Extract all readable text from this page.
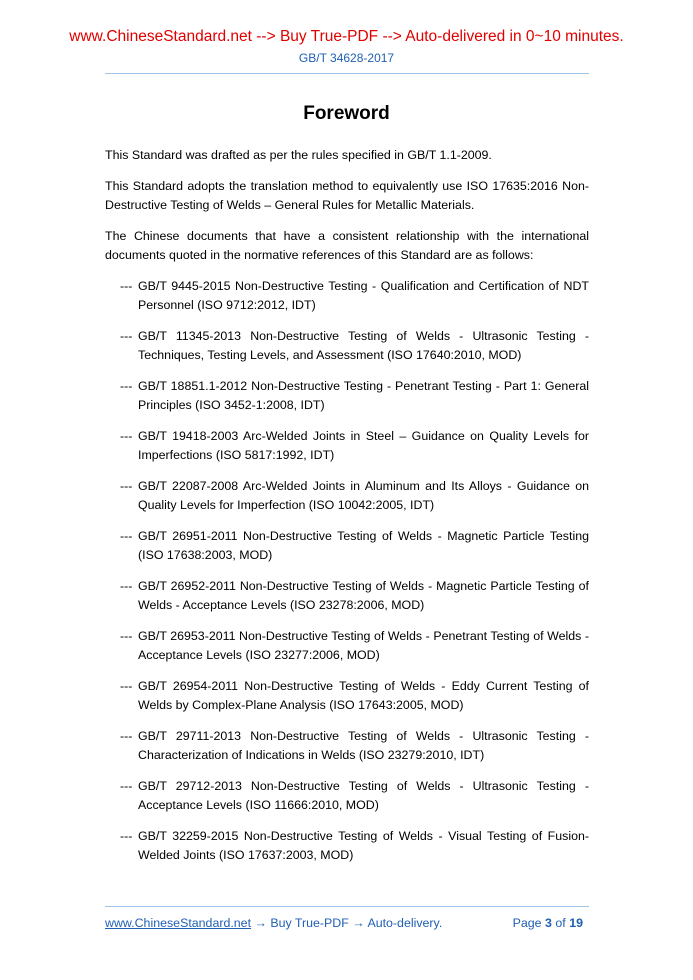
www.ChineseStandard.net --> Buy True-PDF --> Auto-delivered in 0~10 minutes.
GB/T 34628-2017
Foreword

This Standard was drafted as per the rules specified in GB/T 1.1-2009.

This Standard adopts the translation method to equivalently use ISO 17635:2016 Non-Destructive Testing of Welds – General Rules for Metallic Materials.

The Chinese documents that have a consistent relationship with the international documents quoted in the normative references of this Standard are as follows:

--- GB/T 9445-2015 Non-Destructive Testing - Qualification and Certification of NDT Personnel (ISO 9712:2012, IDT)
--- GB/T 11345-2013 Non-Destructive Testing of Welds - Ultrasonic Testing - Techniques, Testing Levels, and Assessment (ISO 17640:2010, MOD)
--- GB/T 18851.1-2012 Non-Destructive Testing - Penetrant Testing - Part 1: General Principles (ISO 3452-1:2008, IDT)
--- GB/T 19418-2003 Arc-Welded Joints in Steel – Guidance on Quality Levels for Imperfections (ISO 5817:1992, IDT)
--- GB/T 22087-2008 Arc-Welded Joints in Aluminum and Its Alloys - Guidance on Quality Levels for Imperfection (ISO 10042:2005, IDT)
--- GB/T 26951-2011 Non-Destructive Testing of Welds - Magnetic Particle Testing (ISO 17638:2003, MOD)
--- GB/T 26952-2011 Non-Destructive Testing of Welds - Magnetic Particle Testing of Welds - Acceptance Levels (ISO 23278:2006, MOD)
--- GB/T 26953-2011 Non-Destructive Testing of Welds - Penetrant Testing of Welds -Acceptance Levels (ISO 23277:2006, MOD)
--- GB/T 26954-2011 Non-Destructive Testing of Welds - Eddy Current Testing of Welds by Complex-Plane Analysis (ISO 17643:2005, MOD)
--- GB/T 29711-2013 Non-Destructive Testing of Welds - Ultrasonic Testing - Characterization of Indications in Welds (ISO 23279:2010, IDT)
--- GB/T 29712-2013 Non-Destructive Testing of Welds - Ultrasonic Testing - Acceptance Levels (ISO 11666:2010, MOD)
--- GB/T 32259-2015 Non-Destructive Testing of Welds - Visual Testing of Fusion-Welded Joints (ISO 17637:2003, MOD)
www.ChineseStandard.net → Buy True-PDF → Auto-delivery.	Page 3 of 19
